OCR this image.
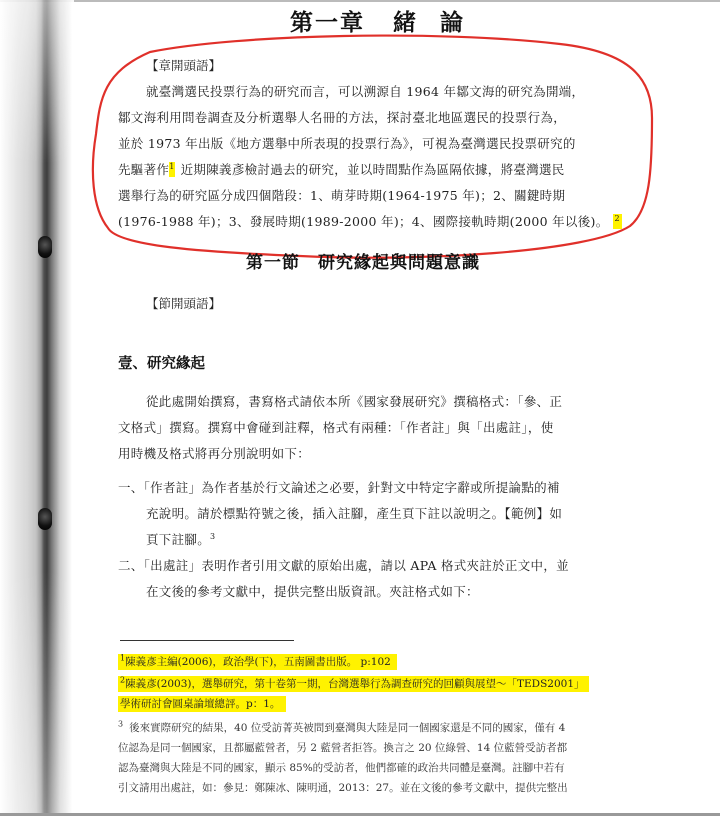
第一章 緒 論
【章開頭語】
就臺灣選民投票行為的研究而言，可以溯源自 1964 年鄒文海的研究為開端，
鄒文海利用問卷調查及分析選舉人名冊的方法，探討臺北地區選民的投票行為，
並於 1973 年出版《地方選舉中所表現的投票行為》，可視為臺灣選民投票研究的
先驅著作$^1$ 近期陳義彥檢討過去的研究，並以時間點作為區隔依據，將臺灣選民
選舉行為的研究區分成四個階段：1、萌芽時期(1964-1975 年)；2、關鍵時期
(1976-1988 年)；3、發展時期(1989-2000 年)；4、國際接軌時期(2000 年以後)。 $^2$
第一節　研究緣起與問題意識
【節開頭語】
壹、研究緣起
從此處開始撰寫，書寫格式請依本所《國家發展研究》撰稿格式：「參、正
文格式」撰寫。撰寫中會碰到註釋，格式有兩種：「作者註」與「出處註」，使
用時機及格式將再分別說明如下：
一、「作者註」為作者基於行文論述之必要，針對文中特定字辭或所提論點的補
充說明。請於標點符號之後，插入註腳，產生頁下註以說明之。【範例】如
頁下註腳。$^3$
二、「出處註」表明作者引用文獻的原始出處，請以 APA 格式夾註於正文中，並
在文後的參考文獻中，提供完整出版資訊。夾註格式如下：
$^1$陳義彥主編(2006)，政治學(下)，五南圖書出版。 p:102
$^2$陳義彥(2003)，選舉研究，第十卷第一期，台灣選舉行為調查研究的回顧與展望～「TEDS2001」
學術研討會圓桌論壇總評。p：1。
$^3$ 後來實際研究的結果，40 位受訪菁英被問到臺灣與大陸是同一個國家還是不同的國家，僅有 4
位認為是同一個國家，且都屬藍營者，另 2 藍營者拒答。換言之 20 位綠營、14 位藍營受訪者都
認為臺灣與大陸是不同的國家，顯示 85%的受訪者，他們都確的政治共同體是臺灣。註腳中若有
引文請用出處註，如：參見：鄭陳冰、陳明通，2013：27。並在文後的參考文獻中，提供完整出
